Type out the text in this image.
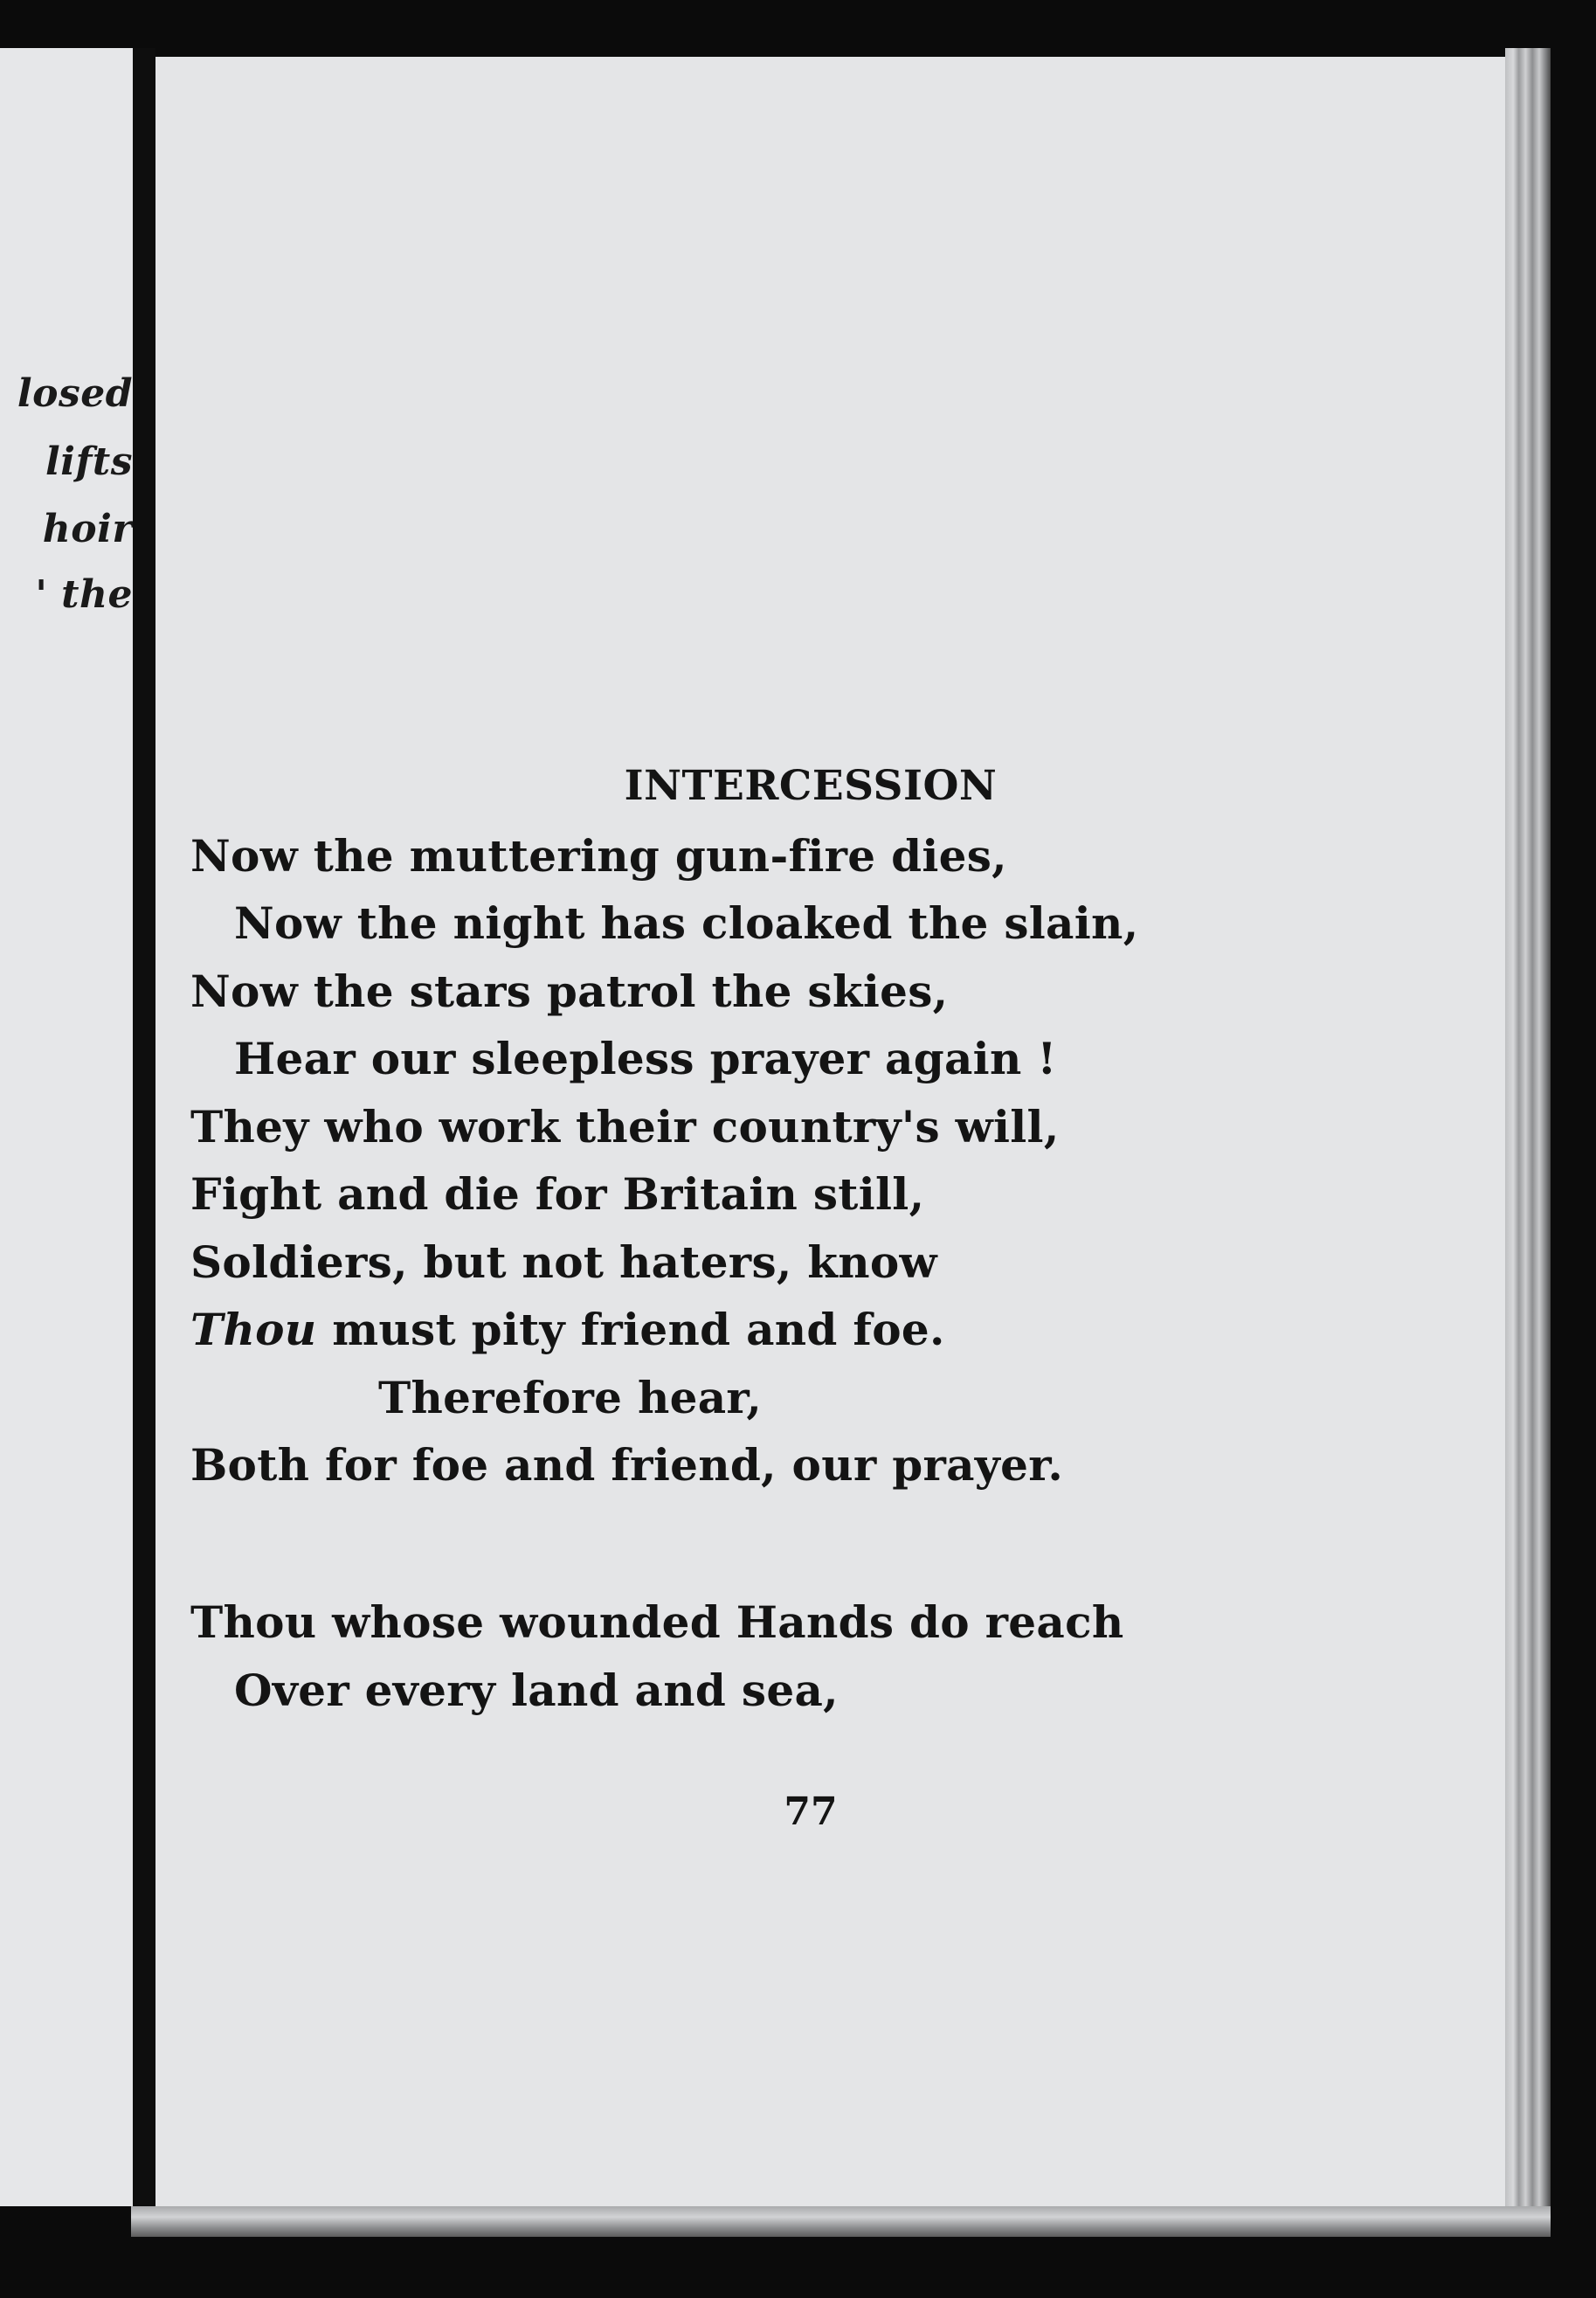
losed
lifts
hoir
' the
INTERCESSION
Now the muttering gun-fire dies,
Now the night has cloaked the slain,
Now the stars patrol the skies,
Hear our sleepless prayer again !
They who work their country's will,
Fight and die for Britain still,
Soldiers, but not haters, know
Thou must pity friend and foe.
Therefore hear,
Both for foe and friend, our prayer.
Thou whose wounded Hands do reach
Over every land and sea,
77
